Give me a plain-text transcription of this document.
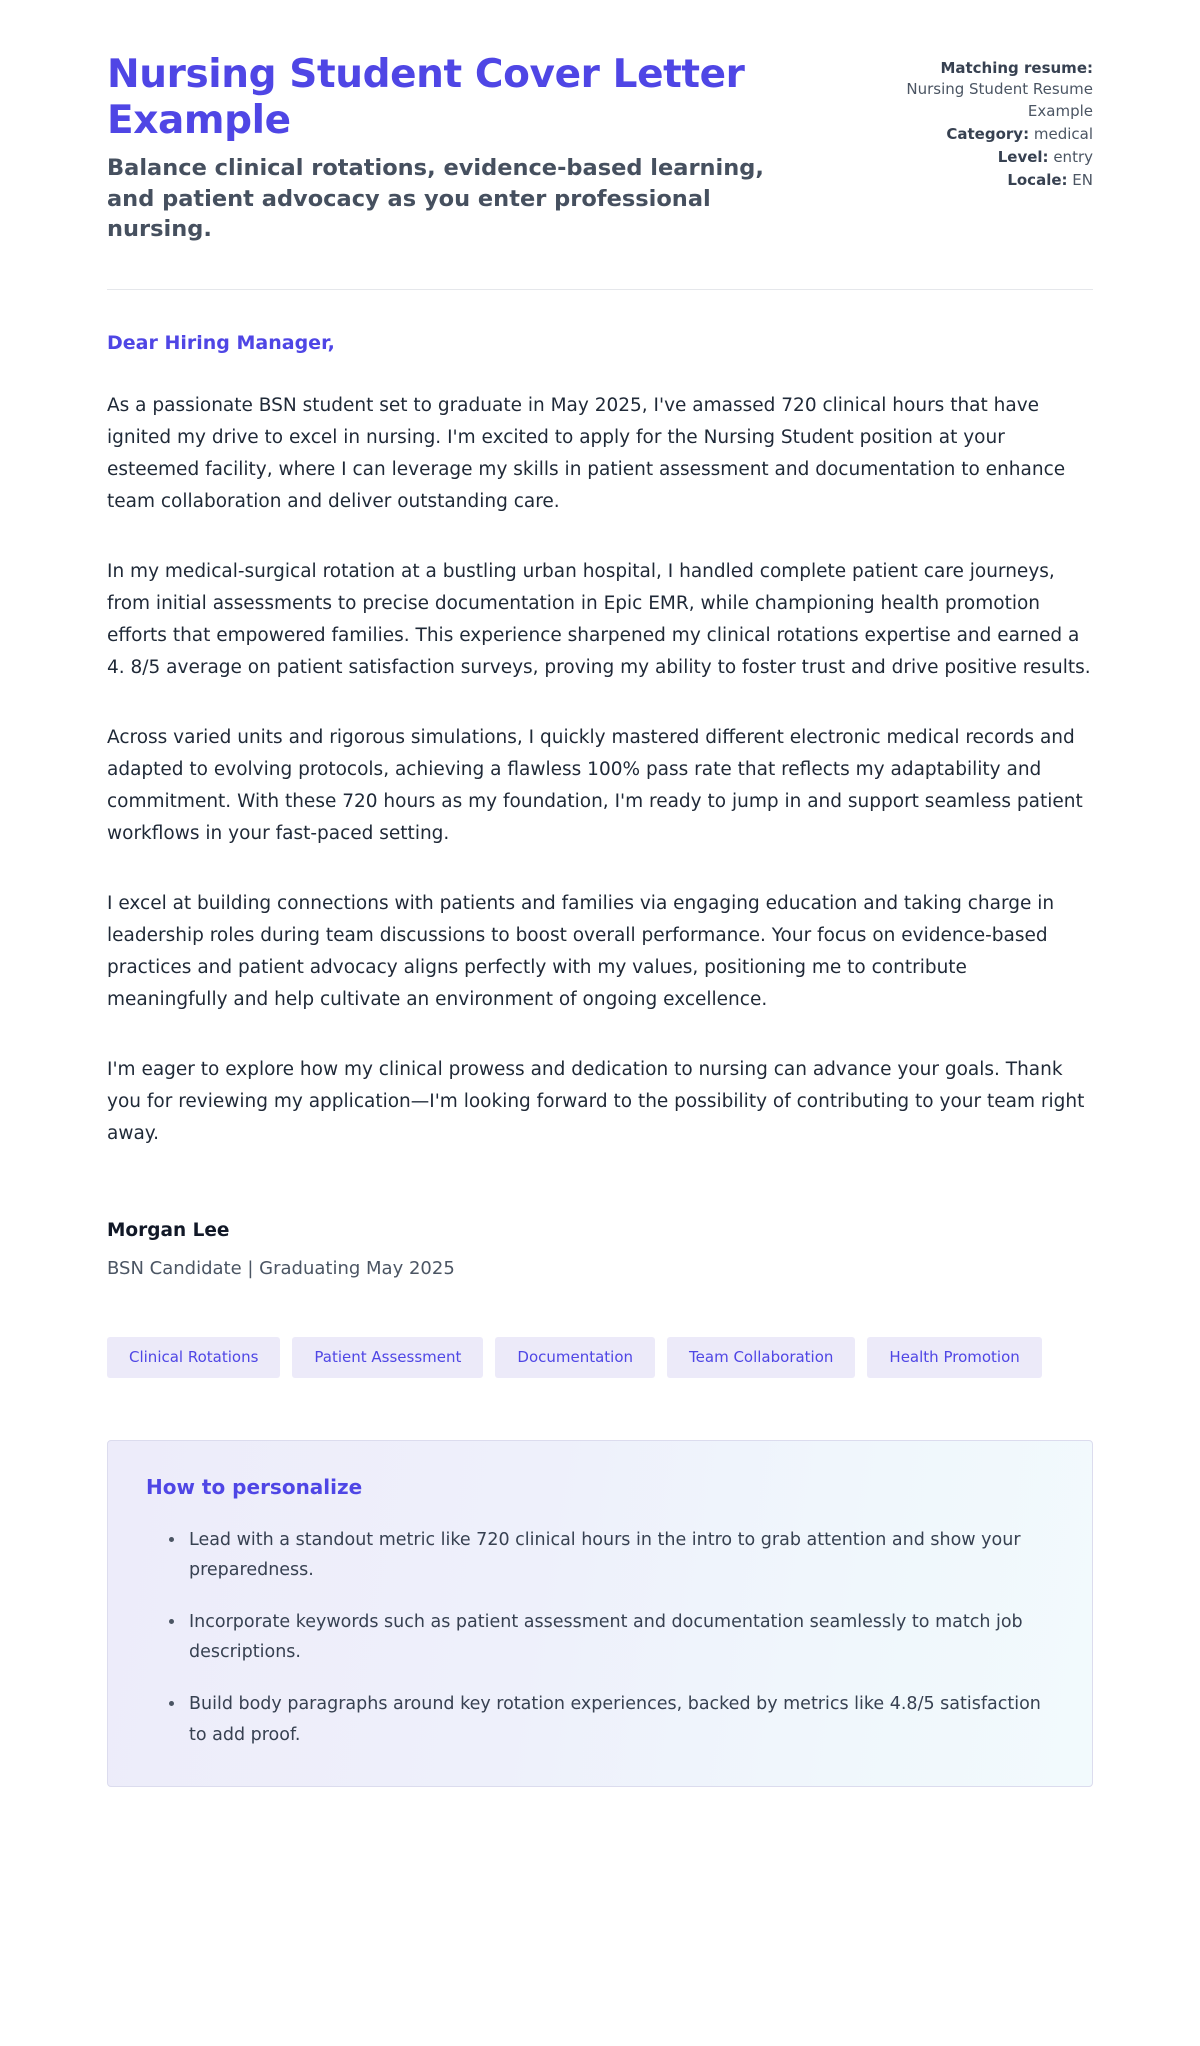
Nursing Student Cover Letter Example

Balance clinical rotations, evidence-based learning, and patient advocacy as you enter professional nursing.

Matching resume:
Nursing Student Resume Example
Category: medical
Level: entry
Locale: EN

Dear Hiring Manager,

As a passionate BSN student set to graduate in May 2025, I've amassed 720 clinical hours that have ignited my drive to excel in nursing. I'm excited to apply for the Nursing Student position at your esteemed facility, where I can leverage my skills in patient assessment and documentation to enhance team collaboration and deliver outstanding care.

In my medical-surgical rotation at a bustling urban hospital, I handled complete patient care journeys, from initial assessments to precise documentation in Epic EMR, while championing health promotion efforts that empowered families. This experience sharpened my clinical rotations expertise and earned a 4. 8/5 average on patient satisfaction surveys, proving my ability to foster trust and drive positive results.

Across varied units and rigorous simulations, I quickly mastered different electronic medical records and adapted to evolving protocols, achieving a flawless 100% pass rate that reflects my adaptability and commitment. With these 720 hours as my foundation, I'm ready to jump in and support seamless patient workflows in your fast-paced setting.

I excel at building connections with patients and families via engaging education and taking charge in leadership roles during team discussions to boost overall performance. Your focus on evidence-based practices and patient advocacy aligns perfectly with my values, positioning me to contribute meaningfully and help cultivate an environment of ongoing excellence.

I'm eager to explore how my clinical prowess and dedication to nursing can advance your goals. Thank you for reviewing my application—I'm looking forward to the possibility of contributing to your team right away.

Morgan Lee

BSN Candidate | Graduating May 2025

Clinical Rotations	Patient Assessment	Documentation	Team Collaboration	Health Promotion
How to personalize
Lead with a standout metric like 720 clinical hours in the intro to grab attention and show your preparedness.
Incorporate keywords such as patient assessment and documentation seamlessly to match job descriptions.
Build body paragraphs around key rotation experiences, backed by metrics like 4.8/5 satisfaction to add proof.
